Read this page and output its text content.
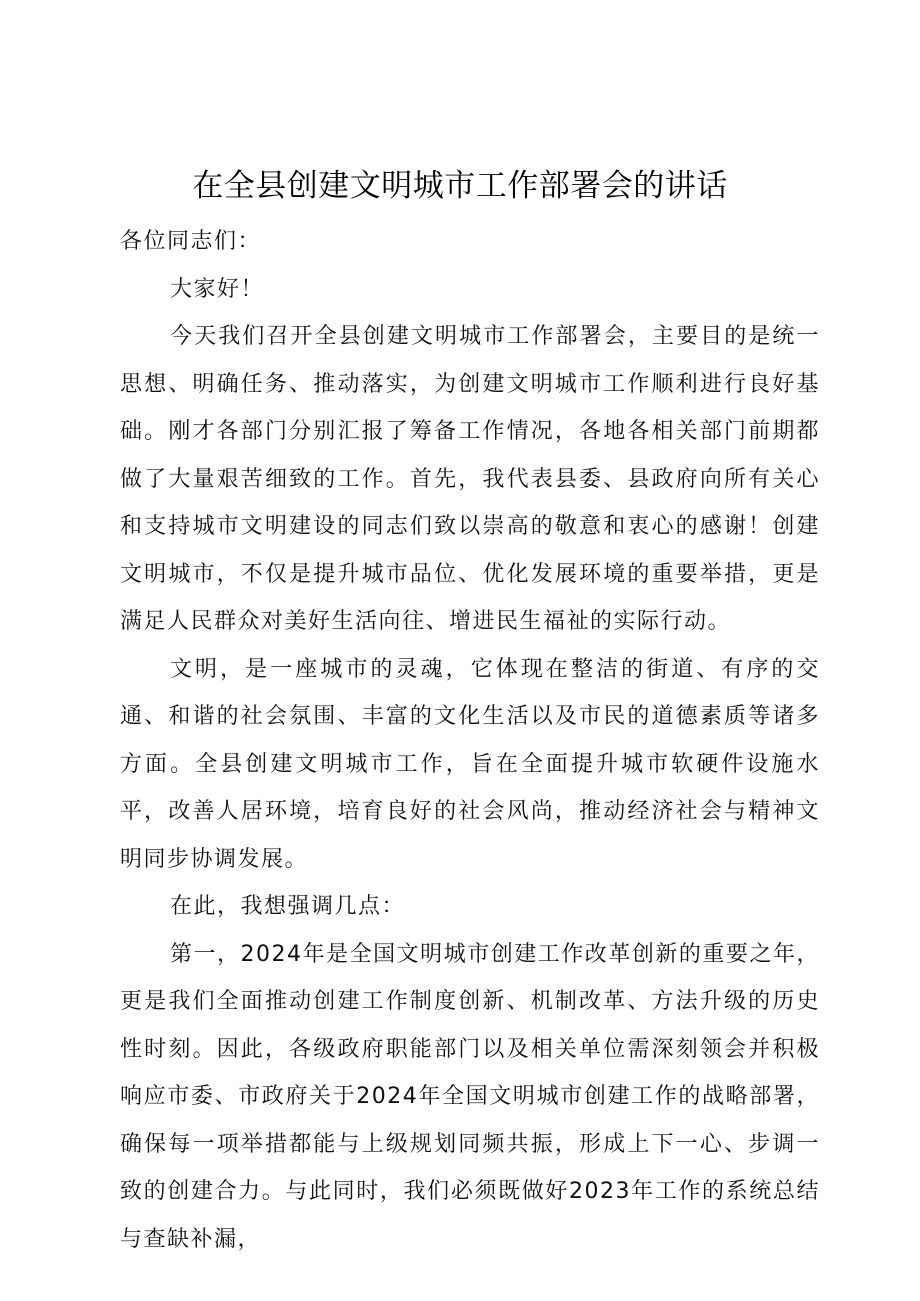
在全县创建文明城市工作部署会的讲话

各位同志们：

大家好！

今天我们召开全县创建文明城市工作部署会，主要目的是统一思想、明确任务、推动落实，为创建文明城市工作顺利进行良好基础。刚才各部门分别汇报了筹备工作情况，各地各相关部门前期都做了大量艰苦细致的工作。首先，我代表县委、县政府向所有关心和支持城市文明建设的同志们致以崇高的敬意和衷心的感谢！创建文明城市，不仅是提升城市品位、优化发展环境的重要举措，更是满足人民群众对美好生活向往、增进民生福祉的实际行动。

文明，是一座城市的灵魂，它体现在整洁的街道、有序的交通、和谐的社会氛围、丰富的文化生活以及市民的道德素质等诸多方面。全县创建文明城市工作，旨在全面提升城市软硬件设施水平，改善人居环境，培育良好的社会风尚，推动经济社会与精神文明同步协调发展。

在此，我想强调几点：

第一，2024年是全国文明城市创建工作改革创新的重要之年，更是我们全面推动创建工作制度创新、机制改革、方法升级的历史性时刻。因此，各级政府职能部门以及相关单位需深刻领会并积极响应市委、市政府关于2024年全国文明城市创建工作的战略部署，确保每一项举措都能与上级规划同频共振，形成上下一心、步调一致的创建合力。与此同时，我们必须既做好2023年工作的系统总结与查缺补漏，
